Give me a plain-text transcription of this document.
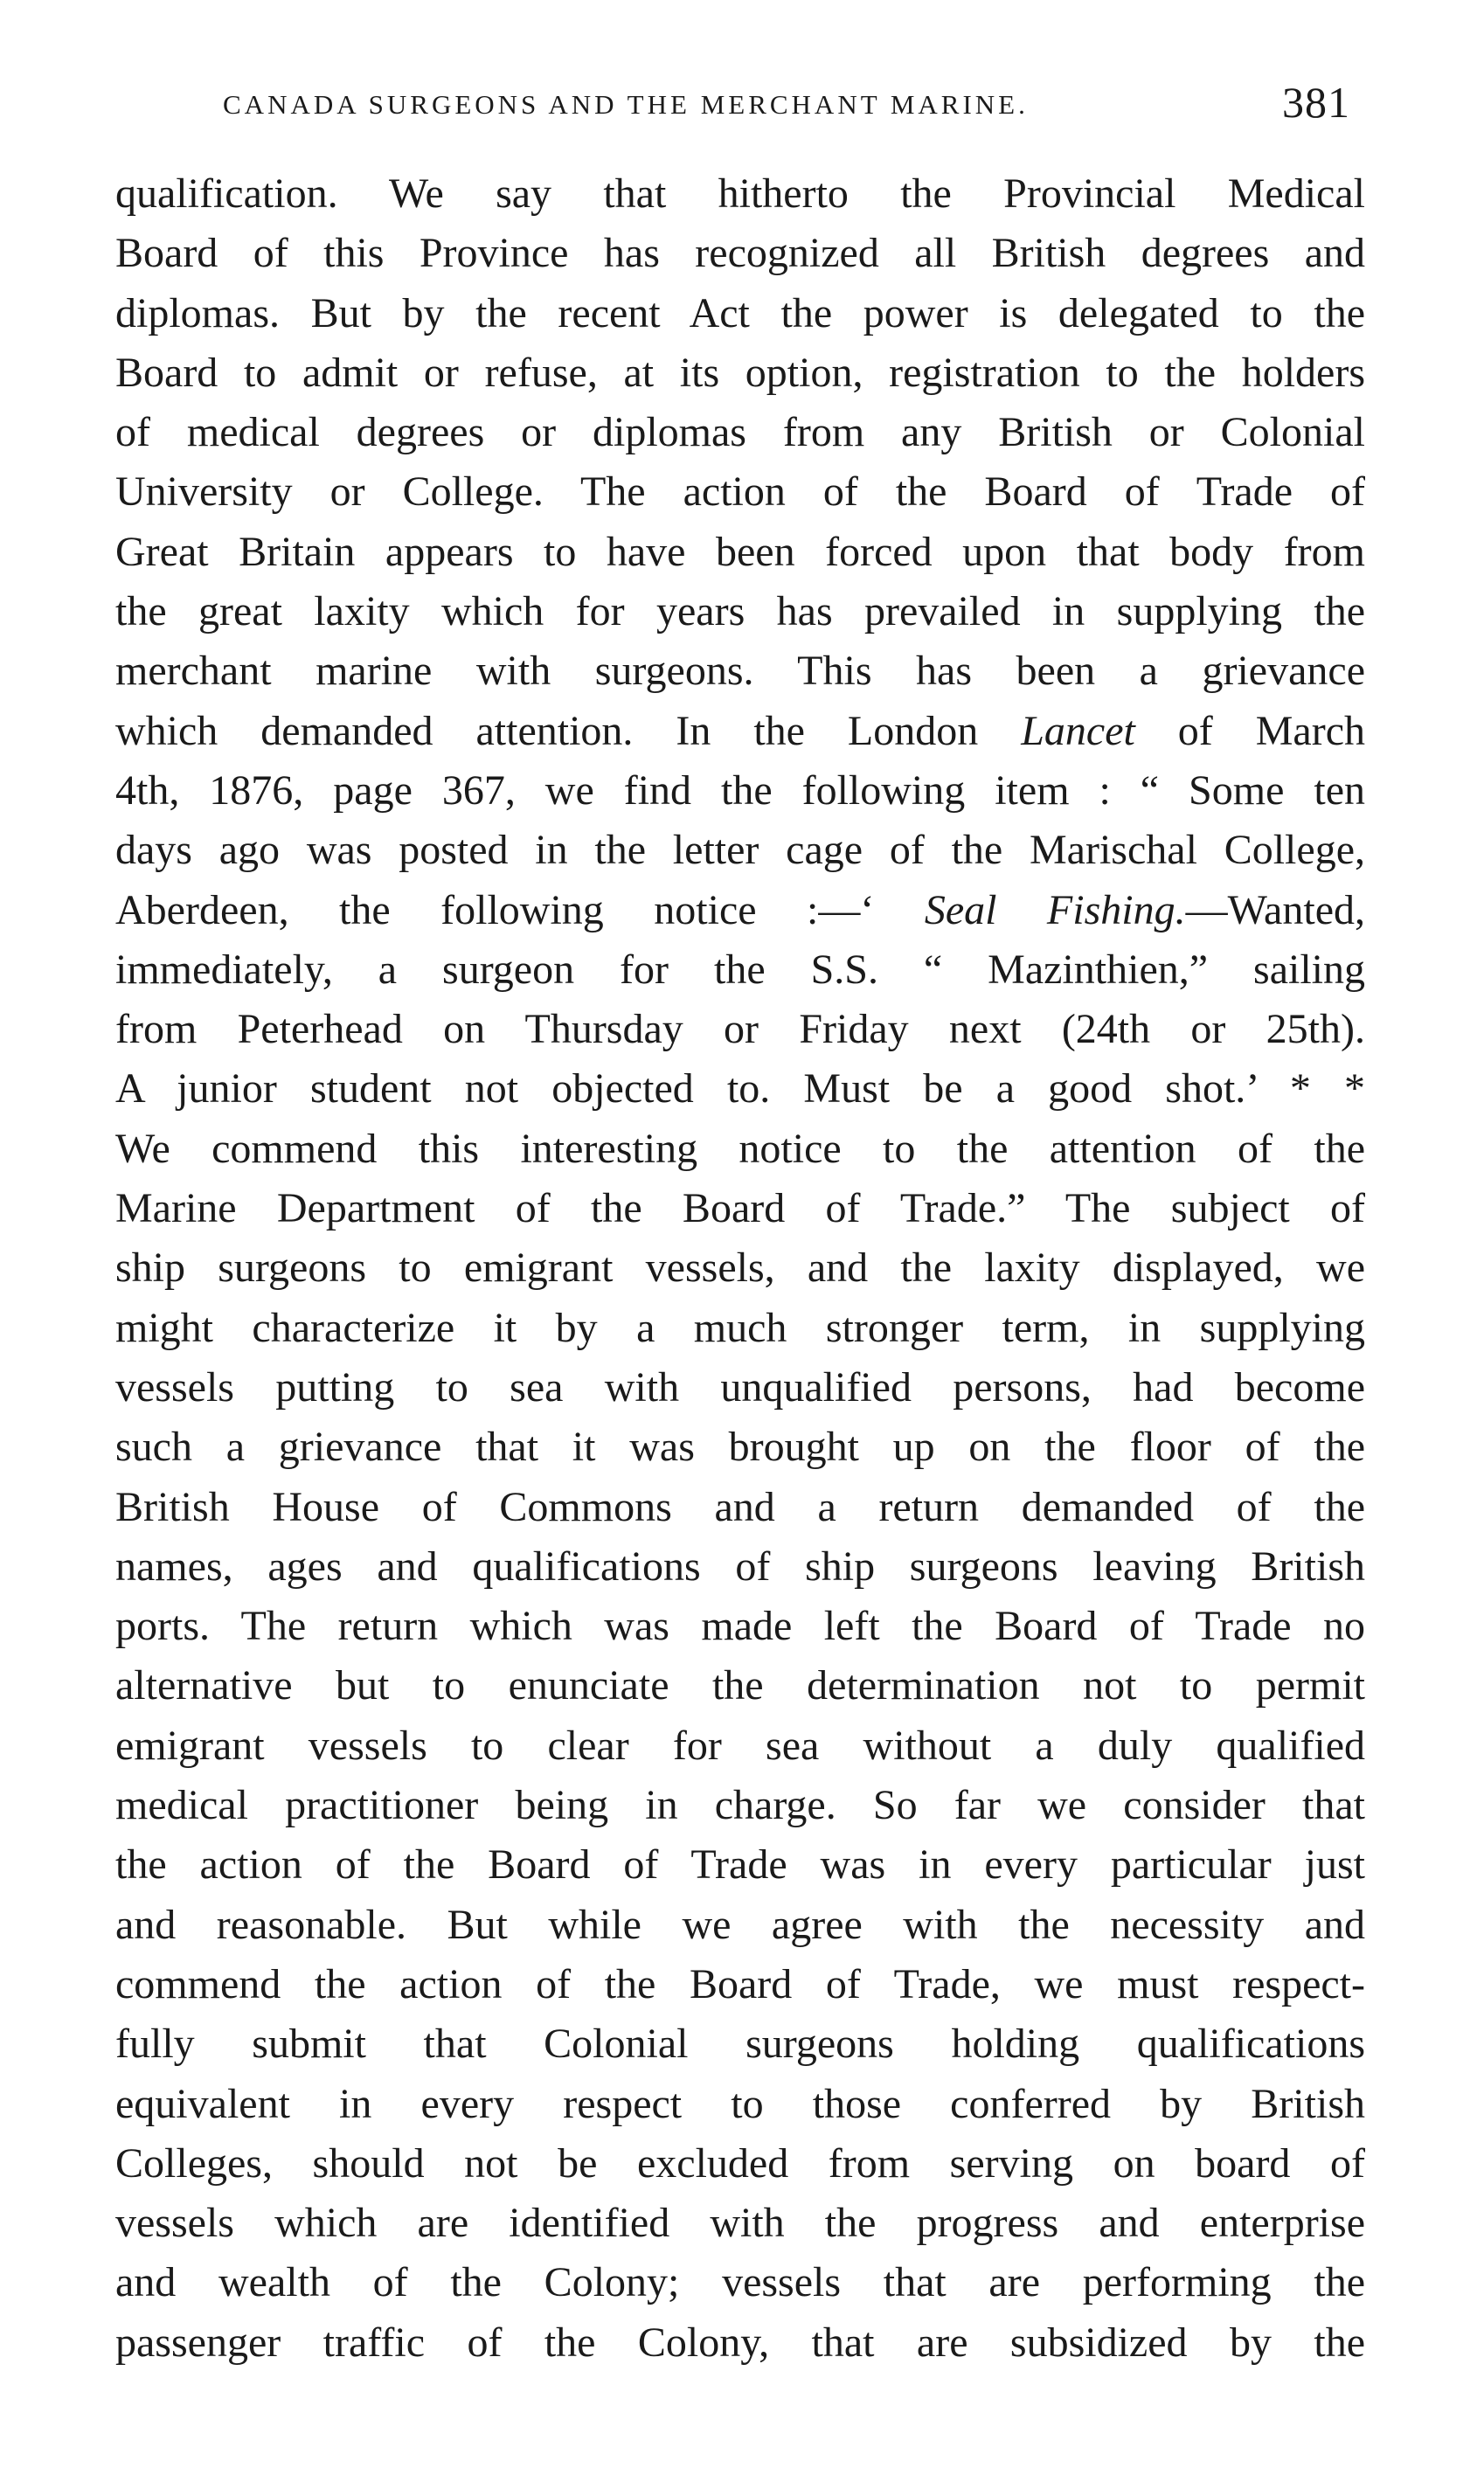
CANADA SURGEONS AND THE MERCHANT MARINE.	381
qualification. We say that hitherto the Provincial Medical
Board of this Province has recognized all British degrees and
diplomas. But by the recent Act the power is delegated to the
Board to admit or refuse, at its option, registration to the holders
of medical degrees or diplomas from any British or Colonial
University or College. The action of the Board of Trade of
Great Britain appears to have been forced upon that body from
the great laxity which for years has prevailed in supplying the
merchant marine with surgeons. This has been a grievance
which demanded attention. In the London Lancet of March
4th, 1876, page 367, we find the following item : “ Some ten
days ago was posted in the letter cage of the Marischal College,
Aberdeen, the following notice :—‘ Seal Fishing.—Wanted,
immediately, a surgeon for the S.S. “ Mazinthien,” sailing
from Peterhead on Thursday or Friday next (24th or 25th).
A junior student not objected to. Must be a good shot.’ * *
We commend this interesting notice to the attention of the
Marine Department of the Board of Trade.” The subject of
ship surgeons to emigrant vessels, and the laxity displayed, we
might characterize it by a much stronger term, in supplying
vessels putting to sea with unqualified persons, had become
such a grievance that it was brought up on the floor of the
British House of Commons and a return demanded of the
names, ages and qualifications of ship surgeons leaving British
ports. The return which was made left the Board of Trade no
alternative but to enunciate the determination not to permit
emigrant vessels to clear for sea without a duly qualified
medical practitioner being in charge. So far we consider that
the action of the Board of Trade was in every particular just
and reasonable. But while we agree with the necessity and
commend the action of the Board of Trade, we must respect-
fully submit that Colonial surgeons holding qualifications
equivalent in every respect to those conferred by British
Colleges, should not be excluded from serving on board of
vessels which are identified with the progress and enterprise
and wealth of the Colony; vessels that are performing the
passenger traffic of the Colony, that are subsidized by the
